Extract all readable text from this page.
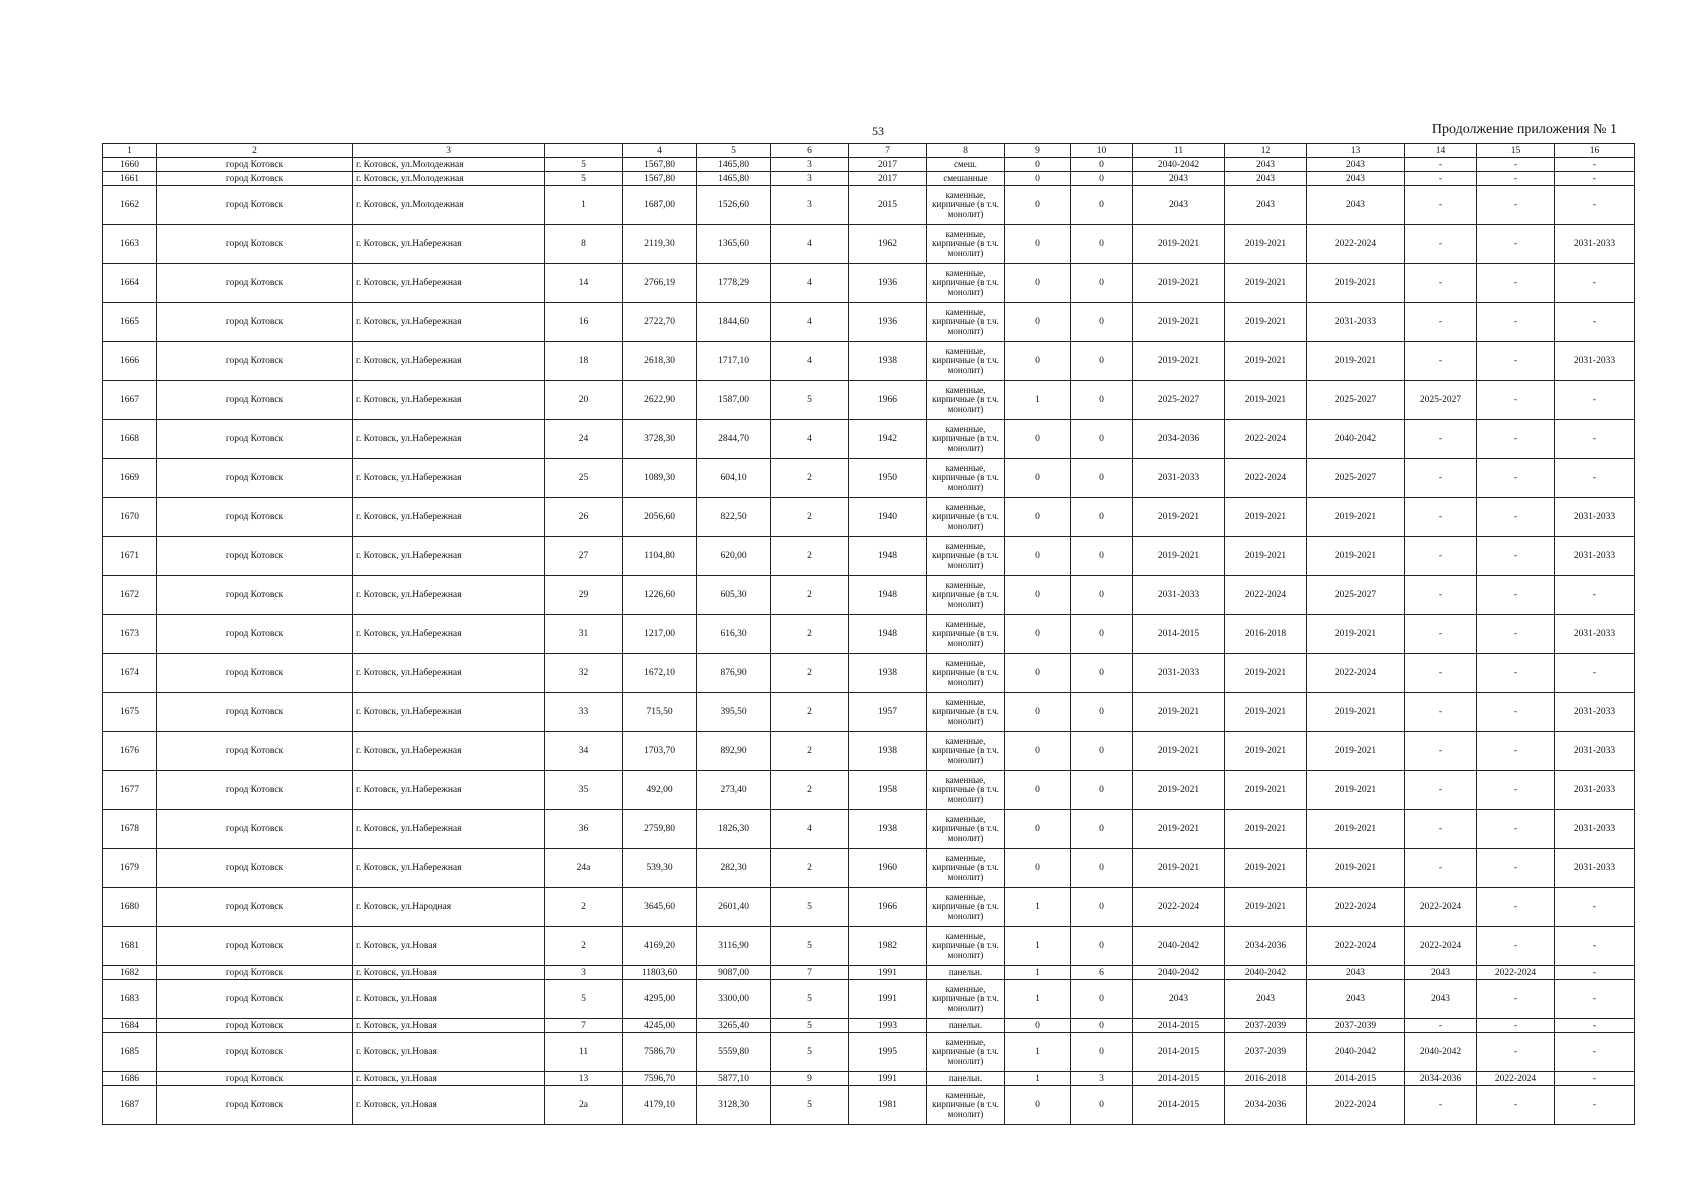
53	Продолжение приложения № 1
1	2	3		4	5	6	7	8	9	10	11	12	13	14	15	16
1660	город Котовск	г. Котовск, ул.Молодежная	5	1567,80	1465,80	3	2017	смеш.	0	0	2040-2042	2043	2043	-	-	-
1661	город Котовск	г. Котовск, ул.Молодежная	5	1567,80	1465,80	3	2017	смешанные	0	0	2043	2043	2043	-	-	-
1662	город Котовск	г. Котовск, ул.Молодежная	1	1687,00	1526,60	3	2015	каменные, кирпичные (в т.ч. монолит)	0	0	2043	2043	2043	-	-	-
1663	город Котовск	г. Котовск, ул.Набережная	8	2119,30	1365,60	4	1962	каменные, кирпичные (в т.ч. монолит)	0	0	2019-2021	2019-2021	2022-2024	-	-	2031-2033
1664	город Котовск	г. Котовск, ул.Набережная	14	2766,19	1778,29	4	1936	каменные, кирпичные (в т.ч. монолит)	0	0	2019-2021	2019-2021	2019-2021	-	-	-
1665	город Котовск	г. Котовск, ул.Набережная	16	2722,70	1844,60	4	1936	каменные, кирпичные (в т.ч. монолит)	0	0	2019-2021	2019-2021	2031-2033	-	-	-
1666	город Котовск	г. Котовск, ул.Набережная	18	2618,30	1717,10	4	1938	каменные, кирпичные (в т.ч. монолит)	0	0	2019-2021	2019-2021	2019-2021	-	-	2031-2033
1667	город Котовск	г. Котовск, ул.Набережная	20	2622,90	1587,00	5	1966	каменные, кирпичные (в т.ч. монолит)	1	0	2025-2027	2019-2021	2025-2027	2025-2027	-	-
1668	город Котовск	г. Котовск, ул.Набережная	24	3728,30	2844,70	4	1942	каменные, кирпичные (в т.ч. монолит)	0	0	2034-2036	2022-2024	2040-2042	-	-	-
1669	город Котовск	г. Котовск, ул.Набережная	25	1089,30	604,10	2	1950	каменные, кирпичные (в т.ч. монолит)	0	0	2031-2033	2022-2024	2025-2027	-	-	-
1670	город Котовск	г. Котовск, ул.Набережная	26	2056,60	822,50	2	1940	каменные, кирпичные (в т.ч. монолит)	0	0	2019-2021	2019-2021	2019-2021	-	-	2031-2033
1671	город Котовск	г. Котовск, ул.Набережная	27	1104,80	620,00	2	1948	каменные, кирпичные (в т.ч. монолит)	0	0	2019-2021	2019-2021	2019-2021	-	-	2031-2033
1672	город Котовск	г. Котовск, ул.Набережная	29	1226,60	605,30	2	1948	каменные, кирпичные (в т.ч. монолит)	0	0	2031-2033	2022-2024	2025-2027	-	-	-
1673	город Котовск	г. Котовск, ул.Набережная	31	1217,00	616,30	2	1948	каменные, кирпичные (в т.ч. монолит)	0	0	2014-2015	2016-2018	2019-2021	-	-	2031-2033
1674	город Котовск	г. Котовск, ул.Набережная	32	1672,10	876,90	2	1938	каменные, кирпичные (в т.ч. монолит)	0	0	2031-2033	2019-2021	2022-2024	-	-	-
1675	город Котовск	г. Котовск, ул.Набережная	33	715,50	395,50	2	1957	каменные, кирпичные (в т.ч. монолит)	0	0	2019-2021	2019-2021	2019-2021	-	-	2031-2033
1676	город Котовск	г. Котовск, ул.Набережная	34	1703,70	892,90	2	1938	каменные, кирпичные (в т.ч. монолит)	0	0	2019-2021	2019-2021	2019-2021	-	-	2031-2033
1677	город Котовск	г. Котовск, ул.Набережная	35	492,00	273,40	2	1958	каменные, кирпичные (в т.ч. монолит)	0	0	2019-2021	2019-2021	2019-2021	-	-	2031-2033
1678	город Котовск	г. Котовск, ул.Набережная	36	2759,80	1826,30	4	1938	каменные, кирпичные (в т.ч. монолит)	0	0	2019-2021	2019-2021	2019-2021	-	-	2031-2033
1679	город Котовск	г. Котовск, ул.Набережная	24а	539,30	282,30	2	1960	каменные, кирпичные (в т.ч. монолит)	0	0	2019-2021	2019-2021	2019-2021	-	-	2031-2033
1680	город Котовск	г. Котовск, ул.Народная	2	3645,60	2601,40	5	1966	каменные, кирпичные (в т.ч. монолит)	1	0	2022-2024	2019-2021	2022-2024	2022-2024	-	-
1681	город Котовск	г. Котовск, ул.Новая	2	4169,20	3116,90	5	1982	каменные, кирпичные (в т.ч. монолит)	1	0	2040-2042	2034-2036	2022-2024	2022-2024	-	-
1682	город Котовск	г. Котовск, ул.Новая	3	11803,60	9087,00	7	1991	панельн.	1	6	2040-2042	2040-2042	2043	2043	2022-2024	-
1683	город Котовск	г. Котовск, ул.Новая	5	4295,00	3300,00	5	1991	каменные, кирпичные (в т.ч. монолит)	1	0	2043	2043	2043	2043	-	-
1684	город Котовск	г. Котовск, ул.Новая	7	4245,00	3265,40	5	1993	панельн.	0	0	2014-2015	2037-2039	2037-2039	-	-	-
1685	город Котовск	г. Котовск, ул.Новая	11	7586,70	5559,80	5	1995	каменные, кирпичные (в т.ч. монолит)	1	0	2014-2015	2037-2039	2040-2042	2040-2042	-	-
1686	город Котовск	г. Котовск, ул.Новая	13	7596,70	5877,10	9	1991	панельн.	1	3	2014-2015	2016-2018	2014-2015	2034-2036	2022-2024	-
1687	город Котовск	г. Котовск, ул.Новая	2а	4179,10	3128,30	5	1981	каменные, кирпичные (в т.ч. монолит)	0	0	2014-2015	2034-2036	2022-2024	-	-	-
